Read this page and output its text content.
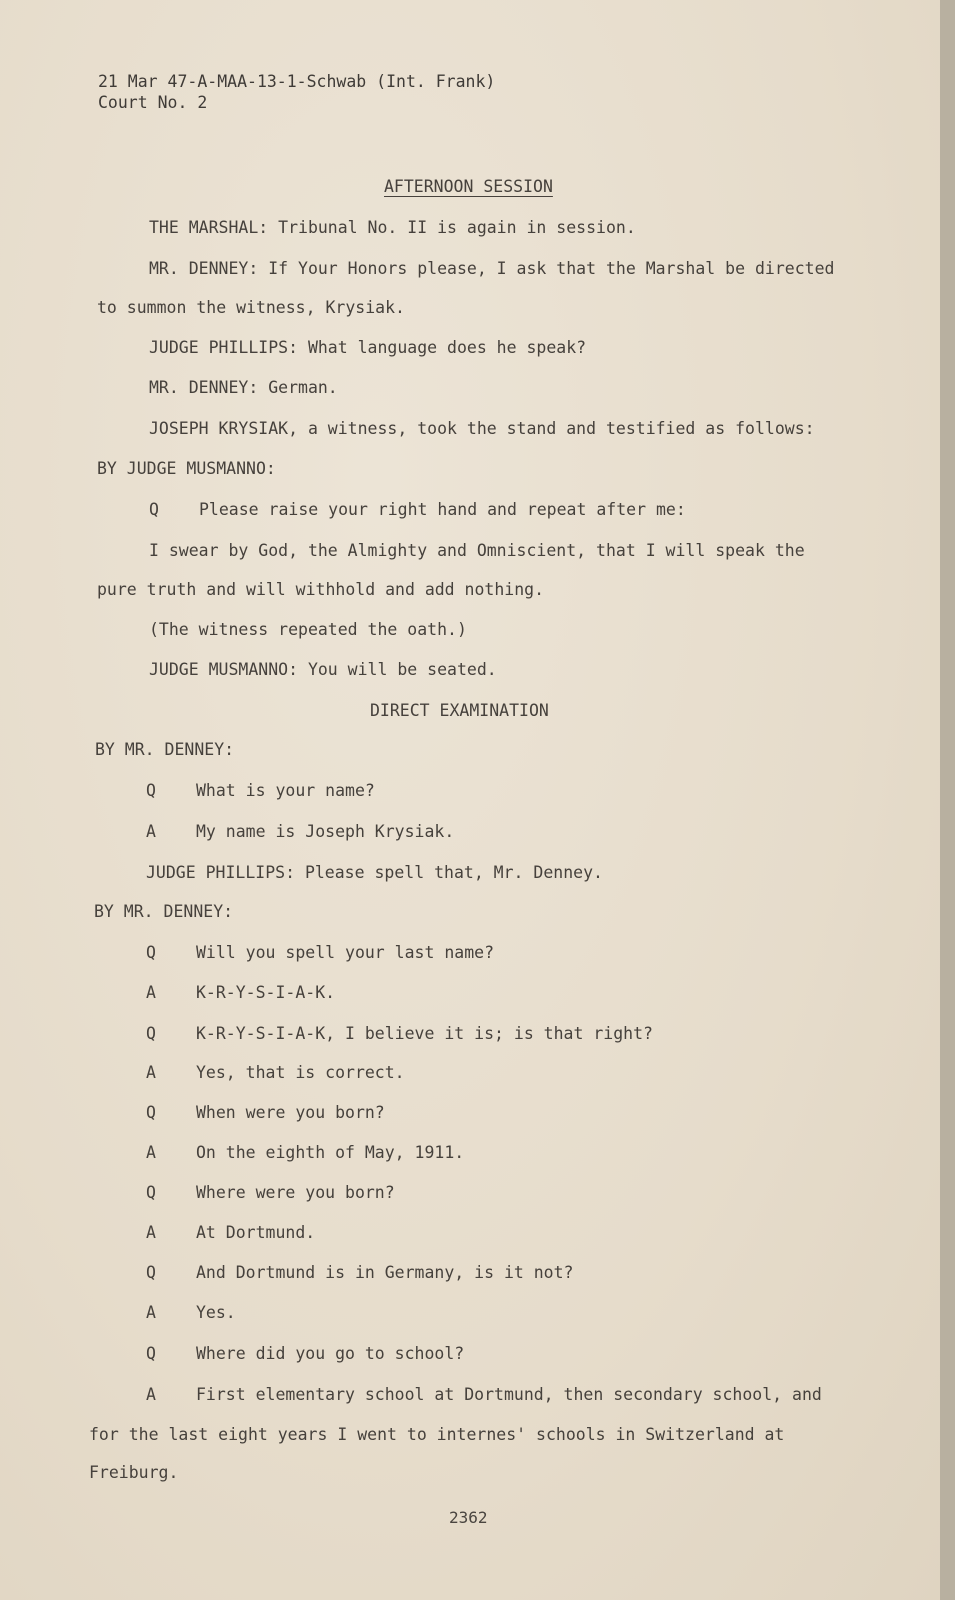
21 Mar 47-A-MAA-13-1-Schwab (Int. Frank)
Court No. 2
AFTERNOON SESSION
THE MARSHAL: Tribunal No. II is again in session.
MR. DENNEY: If Your Honors please, I ask that the Marshal be directed
to summon the witness, Krysiak.
JUDGE PHILLIPS: What language does he speak?
MR. DENNEY: German.
JOSEPH KRYSIAK, a witness, took the stand and testified as follows:
BY JUDGE MUSMANNO:
Q Please raise your right hand and repeat after me:
I swear by God, the Almighty and Omniscient, that I will speak the
pure truth and will withhold and add nothing.
(The witness repeated the oath.)
JUDGE MUSMANNO: You will be seated.
DIRECT EXAMINATION
BY MR. DENNEY:
Q What is your name?
A My name is Joseph Krysiak.
JUDGE PHILLIPS: Please spell that, Mr. Denney.
BY MR. DENNEY:
Q Will you spell your last name?
A K-R-Y-S-I-A-K.
Q K-R-Y-S-I-A-K, I believe it is; is that right?
A Yes, that is correct.
Q When were you born?
A On the eighth of May, 1911.
Q Where were you born?
A At Dortmund.
Q And Dortmund is in Germany, is it not?
A Yes.
Q Where did you go to school?
A First elementary school at Dortmund, then secondary school, and
for the last eight years I went to internes' schools in Switzerland at
Freiburg.
2362
